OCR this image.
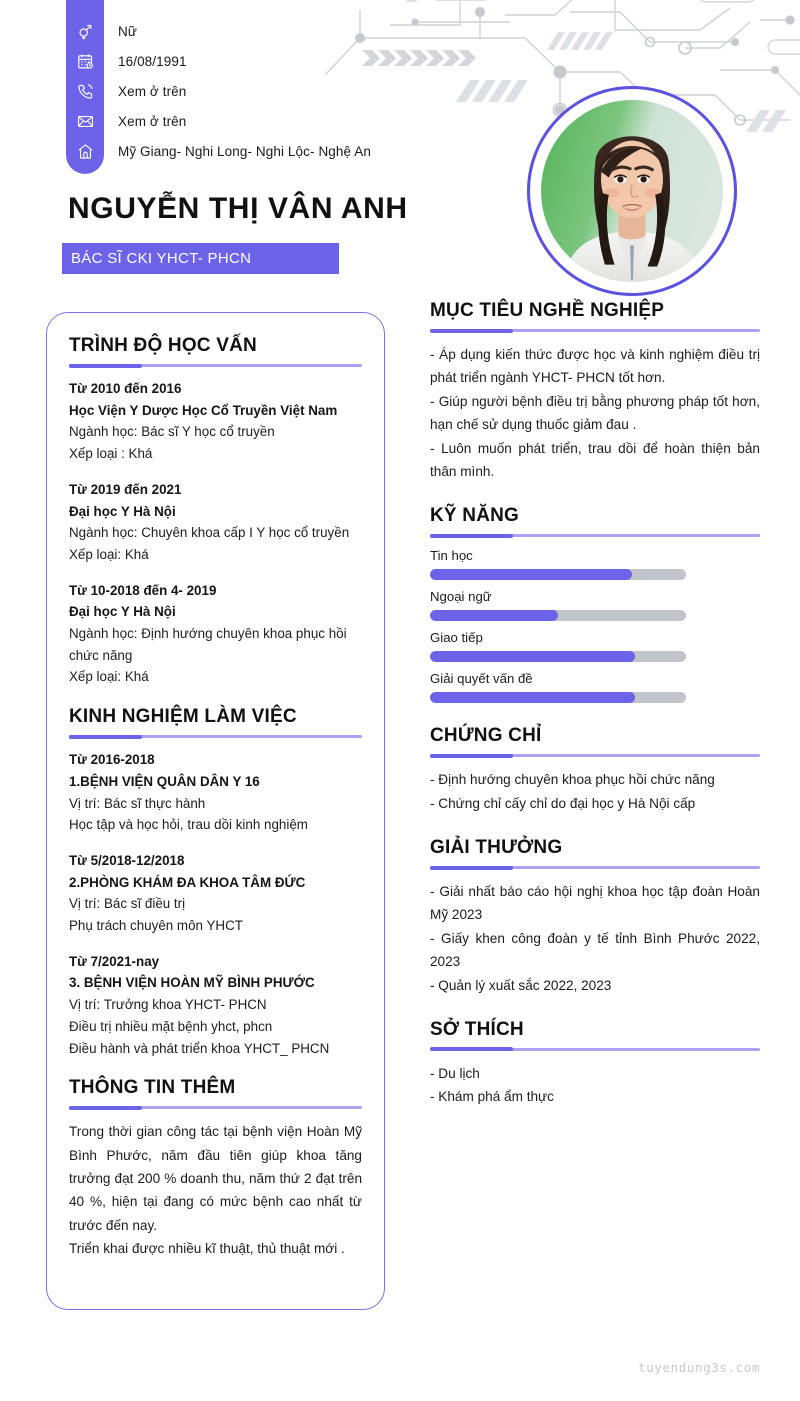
Nữ
16/08/1991
Xem ở trên
Xem ở trên
Mỹ Giang- Nghi Long- Nghi Lộc- Nghệ An
NGUYỄN THỊ VÂN ANH
BÁC SĨ CKI YHCT- PHCN
TRÌNH ĐỘ HỌC VẤN
Từ 2010 đến 2016
Học Viện Y Dược Học Cổ Truyền Việt Nam
Ngành học: Bác sĩ Y học cổ truyền
Xếp loại : Khá
Từ 2019 đến 2021
Đại học Y Hà Nội
Ngành học: Chuyên khoa cấp I Y học cổ truyền
Xếp loại: Khá
Từ 10-2018 đến 4- 2019
Đại học Y Hà Nội
Ngành học: Định hướng chuyên khoa phục hồi chức năng
Xếp loại: Khá
KINH NGHIỆM LÀM VIỆC
Từ 2016-2018
1.BỆNH VIỆN QUÂN DÂN Y 16
Vị trí: Bác sĩ thực hành
Học tập và học hỏi, trau dồi kinh nghiệm
Từ 5/2018-12/2018
2.PHÒNG KHÁM ĐA KHOA TÂM ĐỨC
Vị trí: Bác sĩ điều trị
Phụ trách chuyên môn YHCT
Từ 7/2021-nay
3. BỆNH VIỆN HOÀN MỸ BÌNH PHƯỚC
Vị trí: Trưởng khoa YHCT- PHCN
Điều trị nhiều mặt bệnh yhct, phcn
Điều hành và phát triển khoa YHCT_ PHCN
THÔNG TIN THÊM
Trong thời gian công tác tại bệnh viện Hoàn Mỹ Bình Phước, năm đầu tiên giúp khoa tăng trưởng đạt 200 % doanh thu, năm thứ 2 đạt trên 40 %, hiện tại đang có mức bệnh cao nhất từ trước đến nay.
Triển khai được nhiều kĩ thuật, thủ thuật mới .
MỤC TIÊU NGHỀ NGHIỆP
- Áp dụng kiến thức được học và kinh nghiệm điều trị phát triển ngành YHCT- PHCN tốt hơn.
- Giúp người bệnh điều trị bằng phương pháp tốt hơn, hạn chế sử dụng thuốc giảm đau .
- Luôn muốn phát triển, trau dồi để hoàn thiện bản thân mình.
KỸ NĂNG
Tin học
Ngoại ngữ
Giao tiếp
Giải quyết vấn đề
CHỨNG CHỈ
- Định hướng chuyên khoa phục hồi chức năng
- Chứng chỉ cấy chỉ do đại học y Hà Nội cấp
GIẢI THƯỞNG
- Giải nhất báo cáo hội nghị khoa học tập đoàn Hoàn Mỹ 2023
- Giấy khen công đoàn y tế tỉnh Bình Phước 2022, 2023
- Quản lý xuất sắc 2022, 2023
SỞ THÍCH
- Du lịch
- Khám phá ẩm thực
tuyendung3s.com
